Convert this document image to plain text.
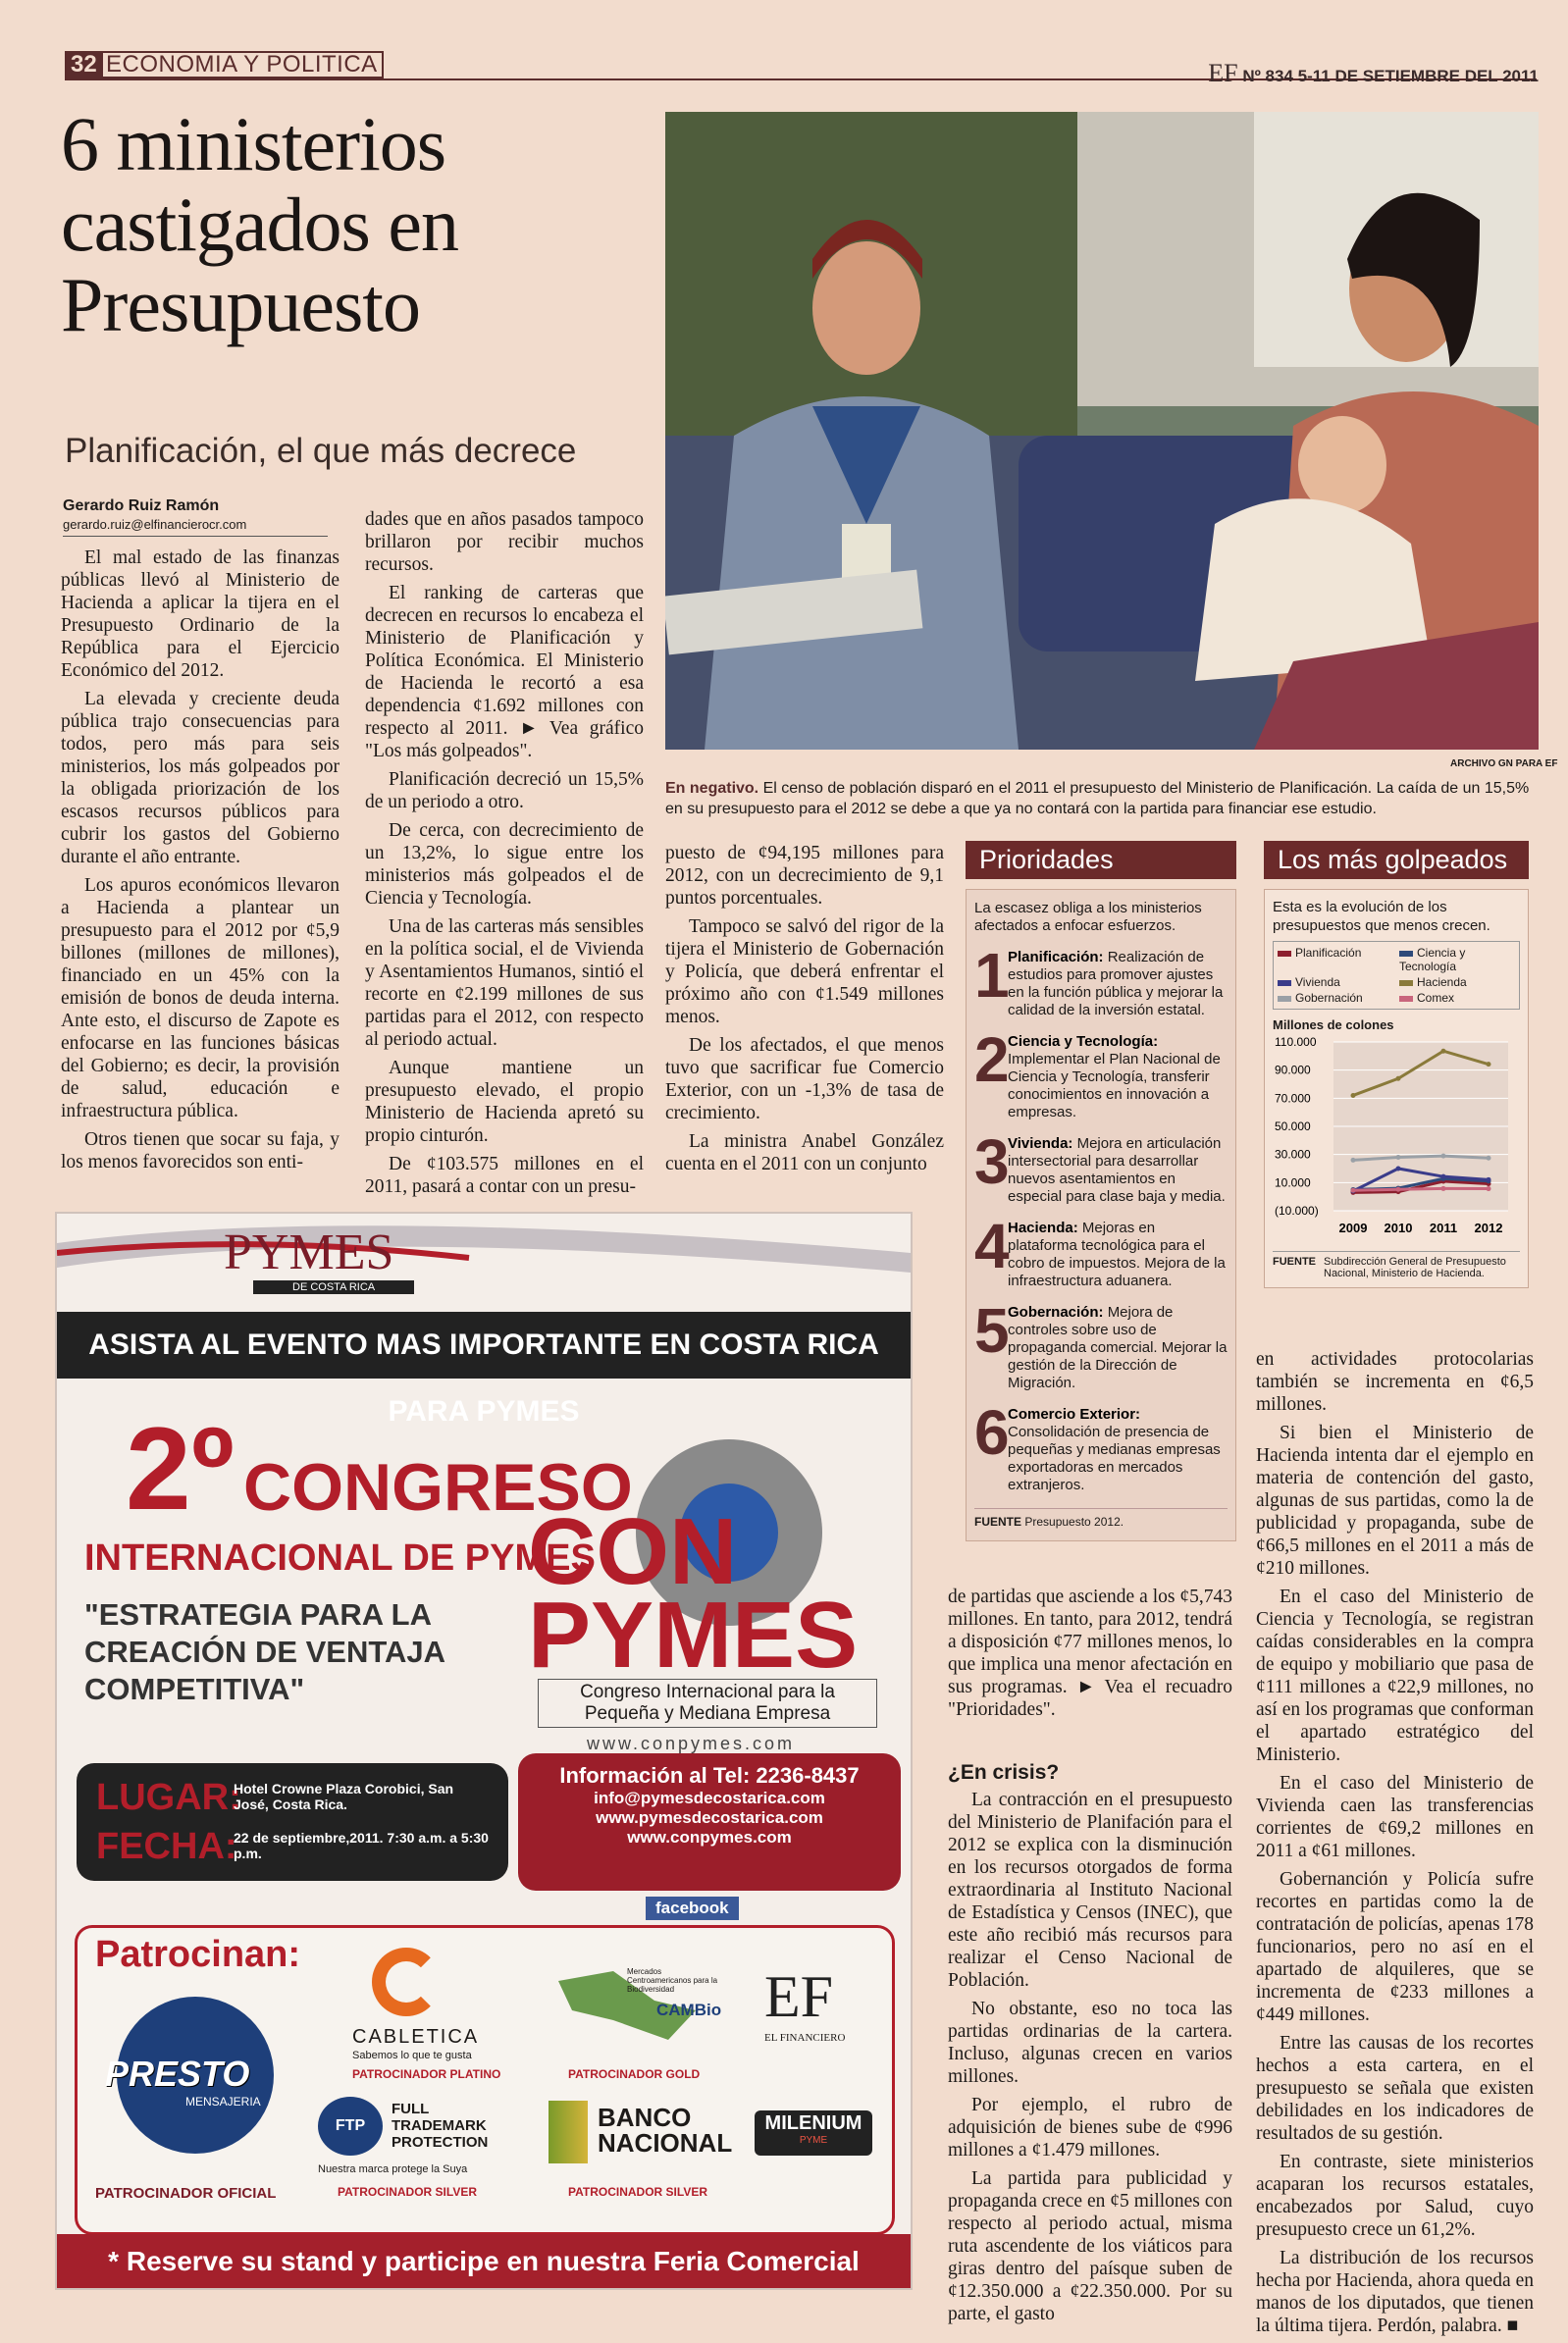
32 ECONOMIA Y POLITICA	EF Nº 834 5-11 DE SETIEMBRE DEL 2011
6 ministerios castigados en Presupuesto
Planificación, el que más decrece
Gerardo Ruiz Ramón
gerardo.ruiz@elfinancierocr.com

El mal estado de las finanzas públicas llevó al Ministerio de Hacienda a aplicar la tijera en el Presupuesto Ordinario de la República para el Ejercicio Económico del 2012.

La elevada y creciente deuda pública trajo consecuencias para todos, pero más para seis ministerios, los más golpeados por la obligada priorización de los escasos recursos públicos para cubrir los gastos del Gobierno durante el año entrante.

Los apuros económicos llevaron a Hacienda a plantear un presupuesto para el 2012 por ¢5,9 billones (millones de millones), financiado en un 45% con la emisión de bonos de deuda interna. Ante esto, el discurso de Zapote es enfocarse en las funciones básicas del Gobierno; es decir, la provisión de salud, educación e infraestructura pública.

Otros tienen que socar su faja, y los menos favorecidos son enti-

dades que en años pasados tampoco brillaron por recibir muchos recursos.

El ranking de carteras que decrecen en recursos lo encabeza el Ministerio de Planificación y Política Económica. El Ministerio de Hacienda le recortó a esa dependencia ¢1.692 millones con respecto al 2011. ► Vea gráfico "Los más golpeados".

Planificación decreció un 15,5% de un periodo a otro.

De cerca, con decrecimiento de un 13,2%, lo sigue entre los ministerios más golpeados el de Ciencia y Tecnología.

Una de las carteras más sensibles en la política social, el de Vivienda y Asentamientos Humanos, sintió el recorte en ¢2.199 millones de sus partidas para el 2012, con respecto al periodo actual.

Aunque mantiene un presupuesto elevado, el propio Ministerio de Hacienda apretó su propio cinturón.

De ¢103.575 millones en el 2011, pasará a contar con un presu-

puesto de ¢94,195 millones para 2012, con un decrecimiento de 9,1 puntos porcentuales.

Tampoco se salvó del rigor de la tijera el Ministerio de Gobernación y Policía, que deberá enfrentar el próximo año con ¢1.549 millones menos.

De los afectados, el que menos tuvo que sacrificar fue Comercio Exterior, con un -1,3% de tasa de crecimiento.

La ministra Anabel González cuenta en el 2011 con un conjunto

de partidas que asciende a los ¢5,743 millones. En tanto, para 2012, tendrá a disposición ¢77 millones menos, lo que implica una menor afectación en sus programas. ► Vea el recuadro "Prioridades".

¿En crisis?

La contracción en el presupuesto del Ministerio de Planifación para el 2012 se explica con la disminución en los recursos otorgados de forma extraordinaria al Instituto Nacional de Estadística y Censos (INEC), que este año recibió más recursos para realizar el Censo Nacional de Población.

No obstante, eso no toca las partidas ordinarias de la cartera. Incluso, algunas crecen en varios millones.

Por ejemplo, el rubro de adquisición de bienes sube de ¢996 millones a ¢1.479 millones.

La partida para publicidad y propaganda crece en ¢5 millones con respecto al periodo actual, misma ruta ascendente de los viáticos para giras dentro del paísque suben de ¢12.350.000 a ¢22.350.000. Por su parte, el gasto

en actividades protocolarias también se incrementa en ¢6,5 millones.

Si bien el Ministerio de Hacienda intenta dar el ejemplo en materia de contención del gasto, algunas de sus partidas, como la de publicidad y propaganda, sube de ¢66,5 millones en el 2011 a más de ¢210 millones.

En el caso del Ministerio de Ciencia y Tecnología, se registran caídas considerables en la compra de equipo y mobiliario que pasa de ¢111 millones a ¢22,9 millones, no así en los programas que conforman el apartado estratégico del Ministerio.

En el caso del Ministerio de Vivienda caen las transferencias corrientes de ¢69,2 millones en 2011 a ¢61 millones.

Gobernanción y Policía sufre recortes en partidas como la de contratación de policías, apenas 178 funcionarios, pero no así en el apartado de alquileres, que se incrementa de ¢233 millones a ¢449 millones.

Entre las causas de los recortes hechos a esta cartera, en el presupuesto se señala que existen debilidades en los indicadores de resultados de su gestión.

En contraste, siete ministerios acaparan los recursos estatales, encabezados por Salud, cuyo presupuesto crece un 61,2%.

La distribución de los recursos hecha por Hacienda, ahora queda en manos de los diputados, que tienen la última tijera. Perdón, palabra. ■

ARCHIVO GN PARA EF
En negativo. El censo de población disparó en el 2011 el presupuesto del Ministerio de Planificación. La caída de un 15,5% en su presupuesto para el 2012 se debe a que ya no contará con la partida para financiar ese estudio.
Prioridades
La escasez obliga a los ministerios afectados a enfocar esfuerzos.
1
Planificación: Realización de estudios para promover ajustes en la función pública y mejorar la calidad de la inversión estatal.
2
Ciencia y Tecnología: Implementar el Plan Nacional de Ciencia y Tecnología, transferir conocimientos en innovación a empresas.
3
Vivienda: Mejora en articulación intersectorial para desarrollar nuevos asentamientos en especial para clase baja y media.
4
Hacienda: Mejoras en plataforma tecnológica para el cobro de impuestos. Mejora de la infraestructura aduanera.
5
Gobernación: Mejora de controles sobre uso de propaganda comercial. Mejorar la gestión de la Dirección de Migración.
6
Comercio Exterior: Consolidación de presencia de pequeñas y medianas empresas exportadoras en mercados extranjeros.
FUENTE Presupuesto 2012.
Los más golpeados
Esta es la evolución de los presupuestos que menos crecen.
Planificación	Ciencia y Tecnología
Vivienda	Hacienda
Gobernación	Comex
Millones de colones
110.000
90.000
70.000
50.000
30.000
10.000
(10.000)
2009 2010 2011 2012
FUENTE Subdirección General de Presupuesto Nacional, Ministerio de Hacienda.
PYMES
DE COSTA RICA
ASISTA AL EVENTO MAS IMPORTANTE EN COSTA RICA PARA PYMES
2º CONGRESO
INTERNACIONAL DE PYMES
"ESTRATEGIA PARA LA CREACIÓN DE VENTAJA COMPETITIVA"
CON
PYMES
Congreso Internacional para la Pequeña y Mediana Empresa
www.conpymes.com
LUGAR:
Hotel Crowne Plaza Corobici, San José, Costa Rica.
FECHA:
22 de septiembre,2011. 7:30 a.m. a 5:30 p.m.
Información al Tel: 2236-8437
info@pymesdecostarica.com
www.pymesdecostarica.com
www.conpymes.com
facebook
Patrocinan:
PRESTO
MENSAJERIA
PATROCINADOR OFICIAL
CABLETICA
Sabemos lo que te gusta
PATROCINADOR PLATINO
Mercados Centroamericanos para la Biodiversidad
CAMBio
PATROCINADOR GOLD
EF
EL FINANCIERO
FTP
FULL TRADEMARK PROTECTION
Nuestra marca protege la Suya
PATROCINADOR SILVER
BANCO NACIONAL
PATROCINADOR SILVER
MILENIUM
PYME
* Reserve su stand y participe en nuestra Feria Comercial
